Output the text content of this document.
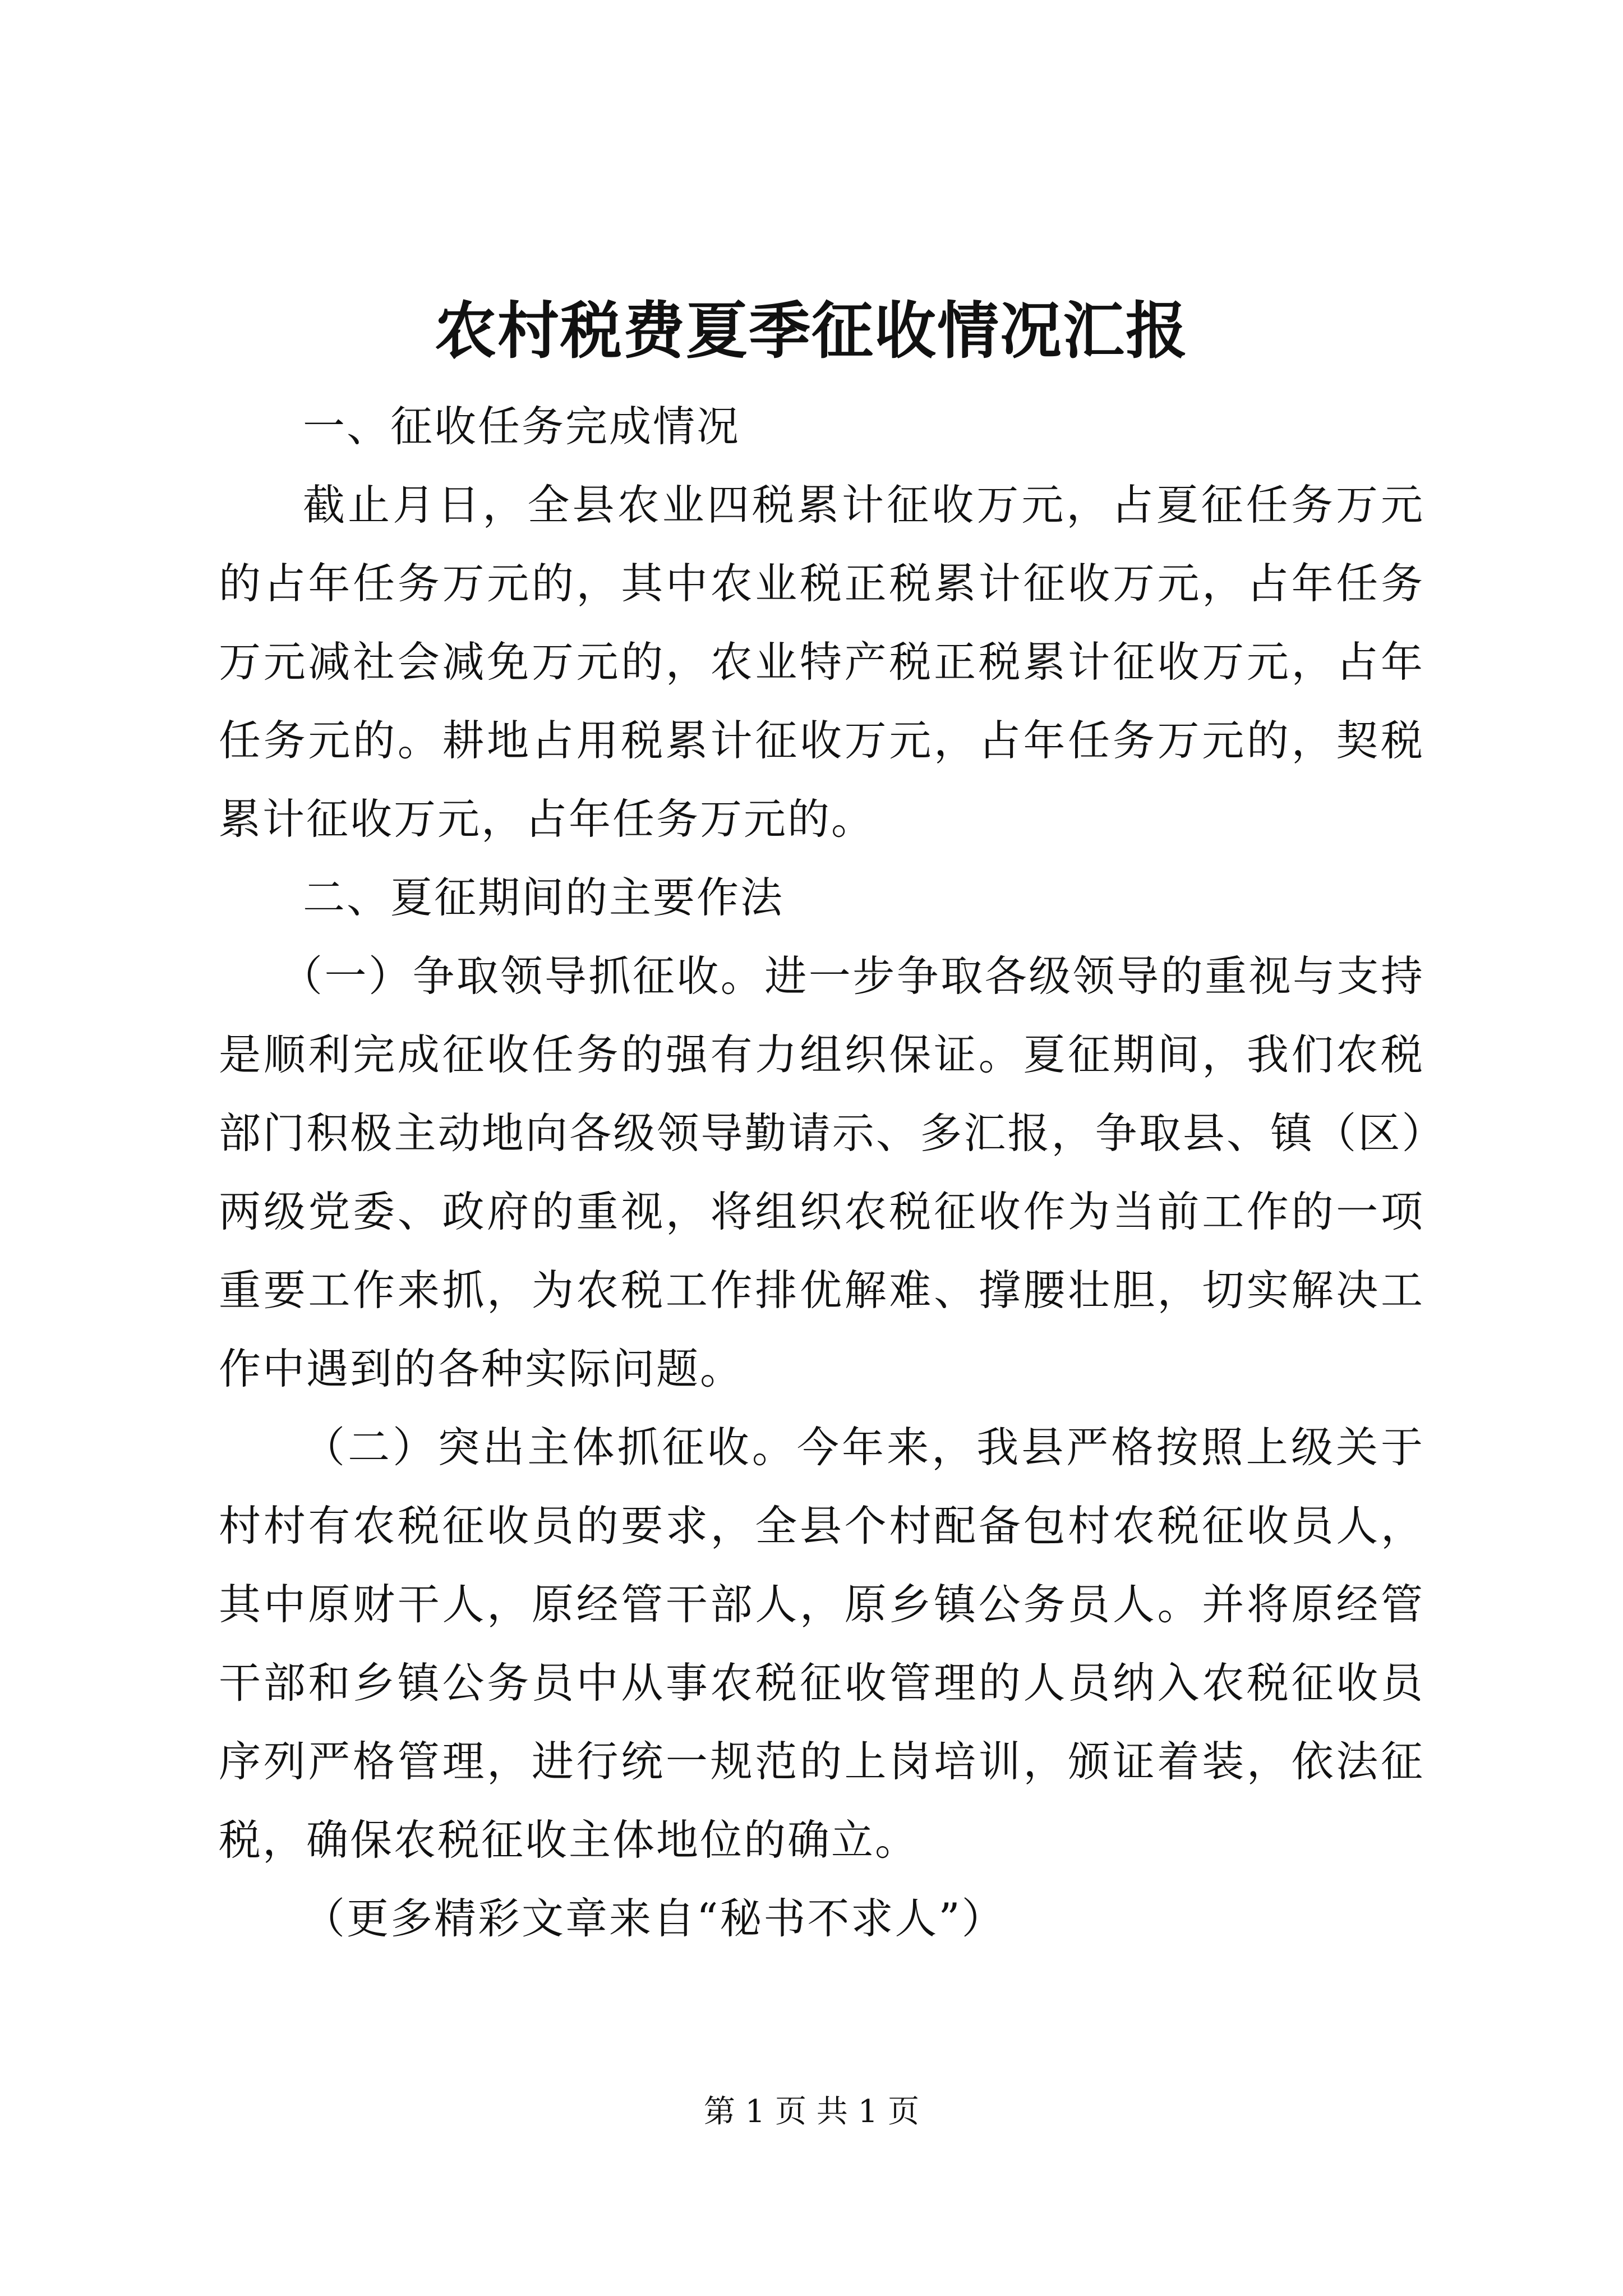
农村税费夏季征收情况汇报

一、征收任务完成情况

截止月日，全县农业四税累计征收万元，占夏征任务万元的占年任务万元的，其中农业税正税累计征收万元，占年任务万元减社会减免万元的，农业特产税正税累计征收万元，占年任务元的。耕地占用税累计征收万元，占年任务万元的，契税累计征收万元，占年任务万元的。

二、夏征期间的主要作法

（一）争取领导抓征收。进一步争取各级领导的重视与支持是顺利完成征收任务的强有力组织保证。夏征期间，我们农税部门积极主动地向各级领导勤请示、多汇报，争取县、镇（区）两级党委、政府的重视，将组织农税征收作为当前工作的一项重要工作来抓，为农税工作排优解难、撑腰壮胆，切实解决工作中遇到的各种实际问题。

（二）突出主体抓征收。今年来，我县严格按照上级关于村村有农税征收员的要求，全县个村配备包村农税征收员人，其中原财干人，原经管干部人，原乡镇公务员人。并将原经管干部和乡镇公务员中从事农税征收管理的人员纳入农税征收员序列严格管理，进行统一规范的上岗培训，颁证着装，依法征税，确保农税征收主体地位的确立。

（更多精彩文章来自“秘书不求人”）

第 1 页 共 1 页
